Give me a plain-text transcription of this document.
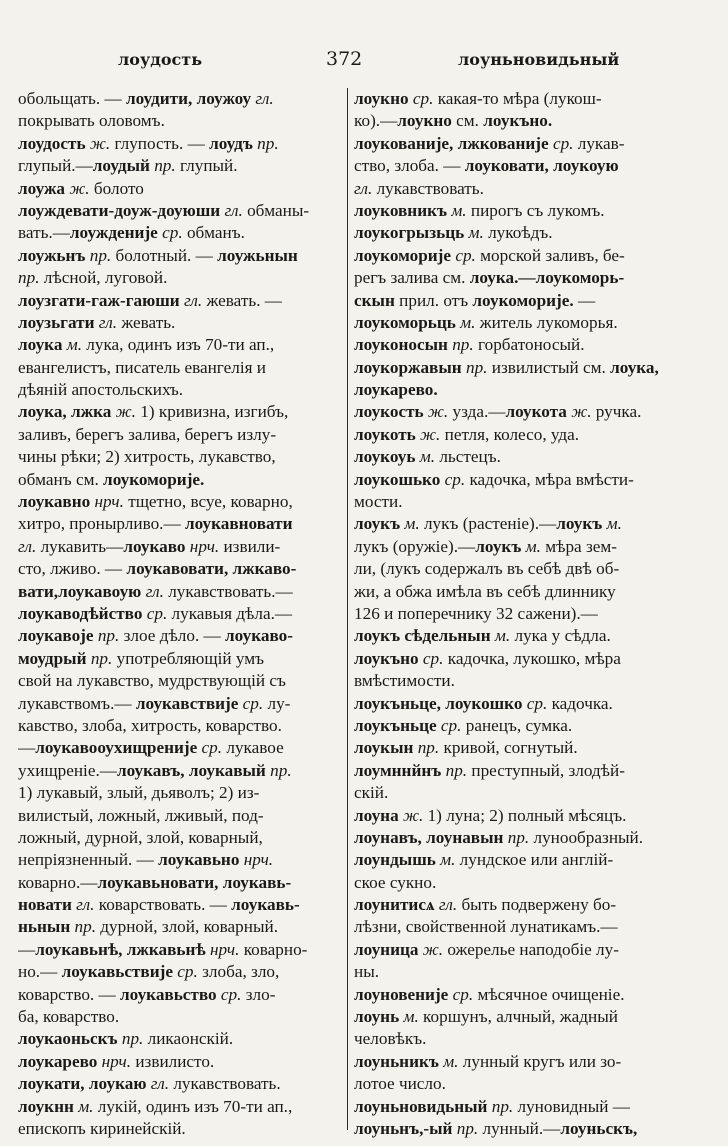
лоудость	372	лоуньновидьный
обольщать. — лоудити, лоужоу гл.
покрывать оловомъ.
лоудость ж. глупость. — лоудъ пр.
глупый.—лоудый пр. глупый.
лоужа ж. болото
лоуждевати-доуж-доуюши гл. обманы-
вать.—лоужденије ср. обманъ.
лоужьнъ пр. болотный. — лоужьнын
пр. лѣсной, луговой.
лоузгати-гаж-гаюши гл. жевать. —
лоузьгати гл. жевать.
лоука м. лука, одинъ изъ 70-ти ап.,
евангелистъ, писатель евангелія и
дѣяній апостольскихъ.
лоука, лжка ж. 1) кривизна, изгибъ,
заливъ, берегъ залива, берегъ излу-
чины рѣки; 2) хитрость, лукавство,
обманъ см. лоукоморије.
лоукавно нрч. тщетно, всуе, коварно,
хитро, пронырливо.— лоукавновати
гл. лукавить—лоукаво нрч. извили-
сто, лживо. — лоукавовати, лжкаво-
вати,лоукавоую гл. лукавствовать.—
лоукаводѣйство ср. лукавыя дѣла.—
лоукавоје пр. злое дѣло. — лоукаво-
моудрый пр. употребляющій умъ
свой на лукавство, мудрствующій съ
лукавствомъ.— лоукавствије ср. лу-
кавство, злоба, хитрость, коварство.
—лоукавооухищреније ср. лукавое
ухищреніе.—лоукавъ, лоукавый пр.
1) лукавый, злый, дьяволъ; 2) из-
вилистый, ложный, лживый, под-
ложный, дурной, злой, коварный,
непріязненный. — лоукавьно нрч.
коварно.—лоукавьновати, лоукавь-
новати гл. коварствовать. — лоукавь-
ньнын пр. дурной, злой, коварный.
—лоукавьнѣ, лжкавьнѣ нрч. коварно-
но.— лоукавьствије ср. злоба, зло,
коварство. — лоукавьство ср. зло-
ба, коварство.
лоукаоньскъ пр. ликаонскій.
лоукарево нрч. извилисто.
лоукати, лоукаю гл. лукавствовать.
лоукнн м. лукій, одинъ изъ 70-ти ап.,
епископъ киринейскій.
лоукно ср. какая-то мѣра (лукош-
ко).—лоукно см. лоукъно.
лоукованије, лжкованије ср. лукав-
ство, злоба. — лоуковати, лоукоую
гл. лукавствовать.
лоуковникъ м. пирогъ съ лукомъ.
лоукогрызьць м. лукоѣдъ.
лоукоморије ср. морской заливъ, бе-
регъ залива см. лоука.—лоукоморь-
скын прил. отъ лоукоморије. —
лоукоморьць м. житель лукоморья.
лоуконосын пр. горбатоносый.
лоукоржавын пр. извилистый см. лоука,
лоукарево.
лоукость ж. узда.—лоукота ж. ручка.
лоукоть ж. петля, колесо, уда.
лоукоуь м. льстецъ.
лоукошько ср. кадочка, мѣра вмѣсти-
мости.
лоукъ м. лукъ (растеніе).—лоукъ м.
лукъ (оружіе).—лоукъ м. мѣра зем-
ли, (лукъ содержалъ въ себѣ двѣ об-
жи, а обжа имѣла въ себѣ длиннику
126 и поперечнику 32 сажени).—
лоукъ сѣдельнын м. лука у сѣдла.
лоукъно ср. кадочка, лукошко, мѣра
вмѣстимости.
лоукъньце, лоукошко ср. кадочка.
лоукъньце ср. ранецъ, сумка.
лоукын пр. кривой, согнутый.
лоумннйнъ пр. преступный, злодѣй-
скій.
лоуна ж. 1) луна; 2) полный мѣсяцъ.
лоунавъ, лоунавын пр. лунообразный.
лоундышь м. лундское или англій-
ское сукно.
лоунитисѧ гл. быть подвержену бо-
лѣзни, свойственной лунатикамъ.—
лоуница ж. ожерелье наподобіе лу-
ны.
лоуновеније ср. мѣсячное очищеніе.
лоунь м. коршунъ, алчный, жадный
человѣкъ.
лоуньникъ м. лунный кругъ или зо-
лотое число.
лоуньновидьный пр. луновидный —
лоуньнъ,-ый пр. лунный.—лоуньскъ,
